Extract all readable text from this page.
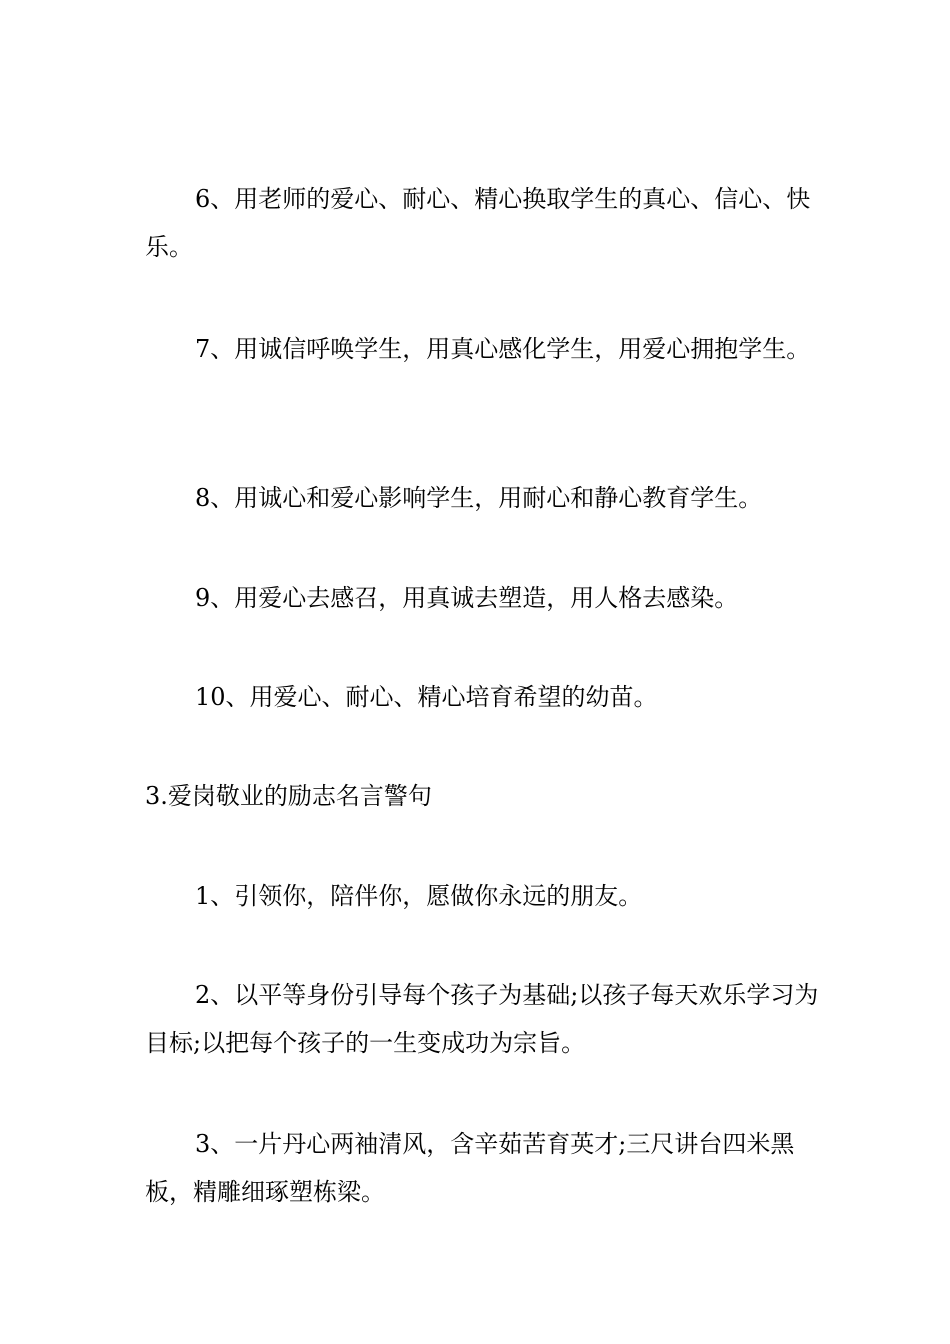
6、用老师的爱心、耐心、精心换取学生的真心、信心、快乐。

7、用诚信呼唤学生，用真心感化学生，用爱心拥抱学生。

8、用诚心和爱心影响学生，用耐心和静心教育学生。

9、用爱心去感召，用真诚去塑造，用人格去感染。

10、用爱心、耐心、精心培育希望的幼苗。

3.爱岗敬业的励志名言警句

1、引领你，陪伴你，愿做你永远的朋友。

2、以平等身份引导每个孩子为基础;以孩子每天欢乐学习为目标;以把每个孩子的一生变成功为宗旨。

3、一片丹心两袖清风，含辛茹苦育英才;三尺讲台四米黑板，精雕细琢塑栋梁。
